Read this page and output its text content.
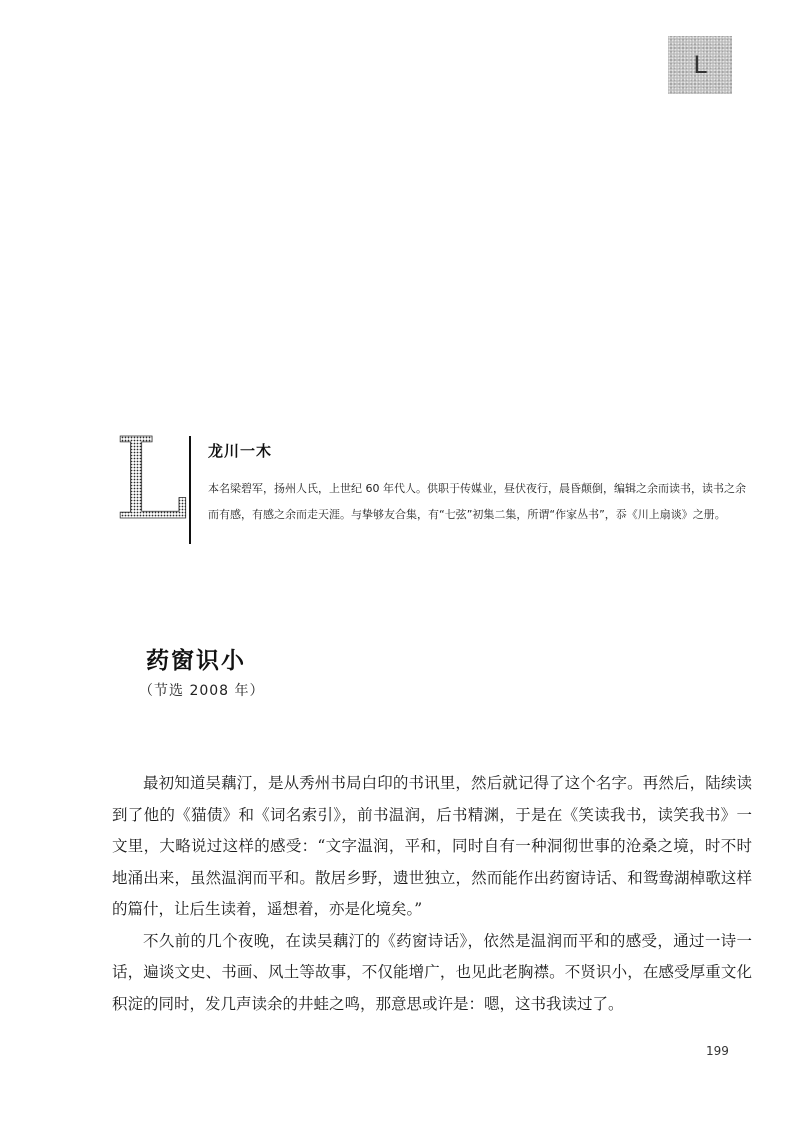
L
L 龙川一木
本名梁碧军，扬州人氏，上世纪 60 年代人。供职于传媒业，昼伏夜行，晨昏颠倒，编辑之余而读书，读书之余而有感，有感之余而走天涯。与挚够友合集，有“七弦”初集二集，所谓“作家丛书”，忝《川上扇谈》之册。
药窗识小
（节选 2008 年）

最初知道吴藕汀，是从秀州书局白印的书讯里，然后就记得了这个名字。再然后，陆续读到了他的《猫债》和《词名索引》，前书温润，后书精渊，于是在《笑读我书，读笑我书》一文里，大略说过这样的感受：“文字温润，平和，同时自有一种洞彻世事的沧桑之境，时不时地涌出来，虽然温润而平和。散居乡野，遗世独立，然而能作出药窗诗话、和鸳鸯湖棹歌这样的篇什，让后生读着，遥想着，亦是化境矣。”

不久前的几个夜晚，在读吴藕汀的《药窗诗话》，依然是温润而平和的感受，通过一诗一话，遍谈文史、书画、风土等故事，不仅能增广，也见此老胸襟。不贤识小，在感受厚重文化积淀的同时，发几声读余的井蛙之鸣，那意思或许是：嗯，这书我读过了。

199
